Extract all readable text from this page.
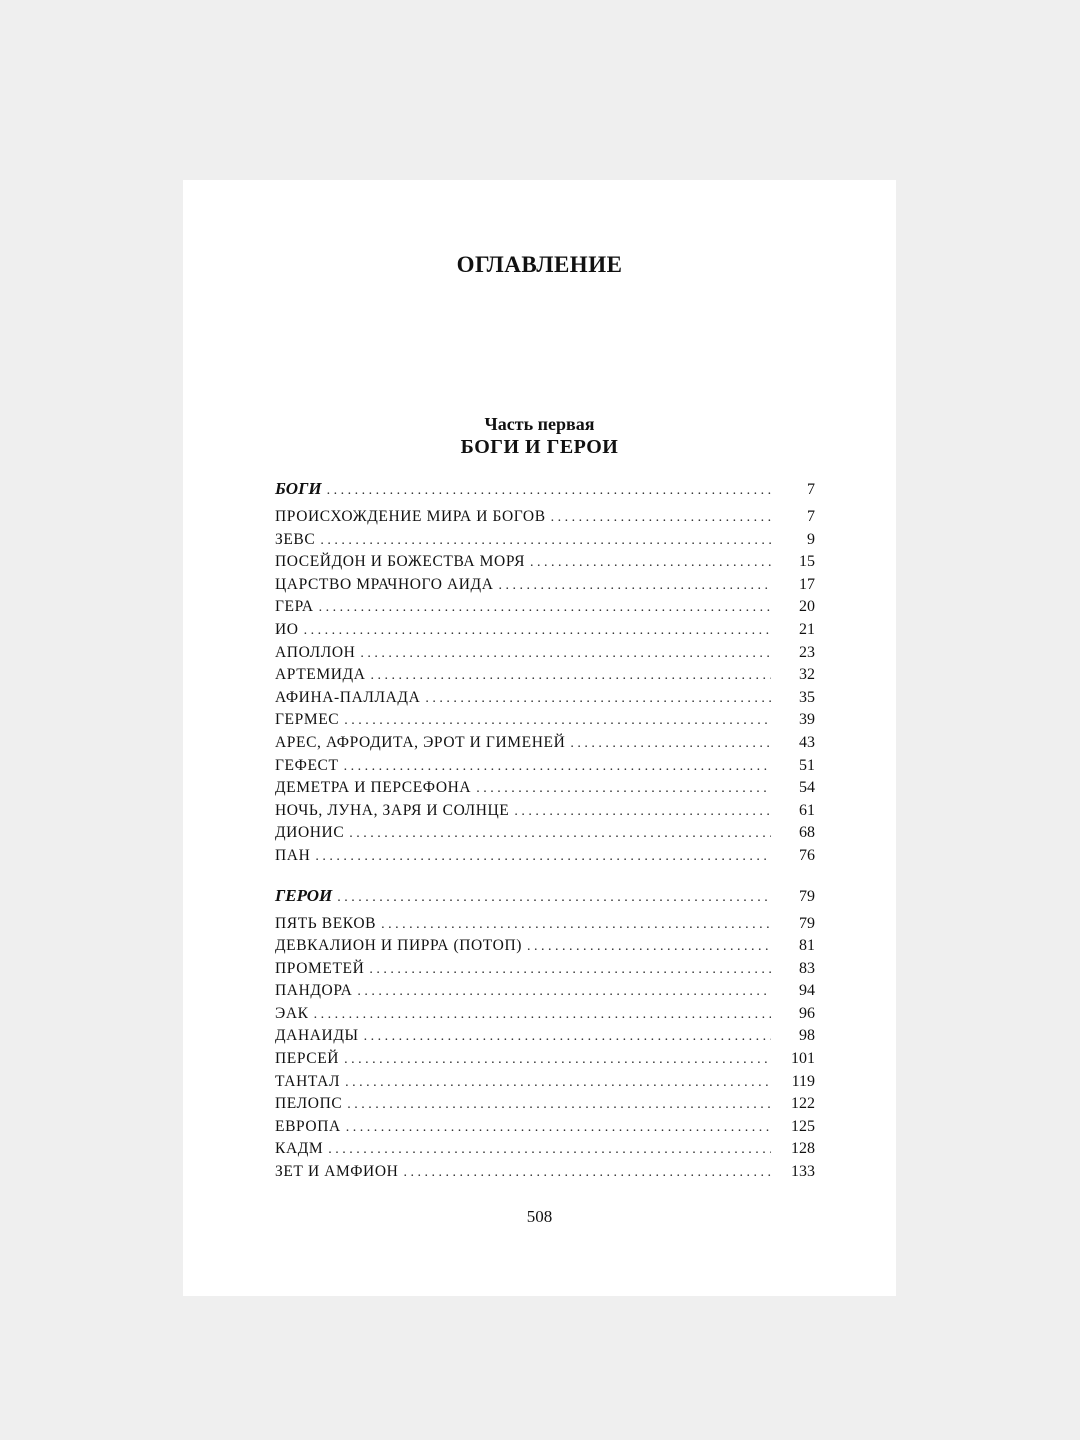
ОГЛАВЛЕНИЕ
Часть первая
БОГИ И ГЕРОИ
БОГИ . . .	7
ПРОИСХОЖДЕНИЕ МИРА И БОГОВ . . .	7
ЗЕВС . . .	9
ПОСЕЙДОН И БОЖЕСТВА МОРЯ . . .	15
ЦАРСТВО МРАЧНОГО АИДА . . .	17
ГЕРА . . .	20
ИО . . .	21
АПОЛЛОН . . .	23
АРТЕМИДА . . .	32
АФИНА-ПАЛЛАДА . . .	35
ГЕРМЕС . . .	39
АРЕС, АФРОДИТА, ЭРОТ И ГИМЕНЕЙ . . .	43
ГЕФЕСТ . . .	51
ДЕМЕТРА И ПЕРСЕФОНА . . .	54
НОЧЬ, ЛУНА, ЗАРЯ И СОЛНЦЕ . . .	61
ДИОНИС . . .	68
ПАН . . .	76
ГЕРОИ . . .	79
ПЯТЬ ВЕКОВ . . .	79
ДЕВКАЛИОН И ПИРРА (ПОТОП) . . .	81
ПРОМЕТЕЙ . . .	83
ПАНДОРА . . .	94
ЭАК . . .	96
ДАНАИДЫ . . .	98
ПЕРСЕЙ . . .	101
ТАНТАЛ . . .	119
ПЕЛОПС . . .	122
ЕВРОПА . . .	125
КАДМ . . .	128
ЗЕТ И АМФИОН . . .	133
508
